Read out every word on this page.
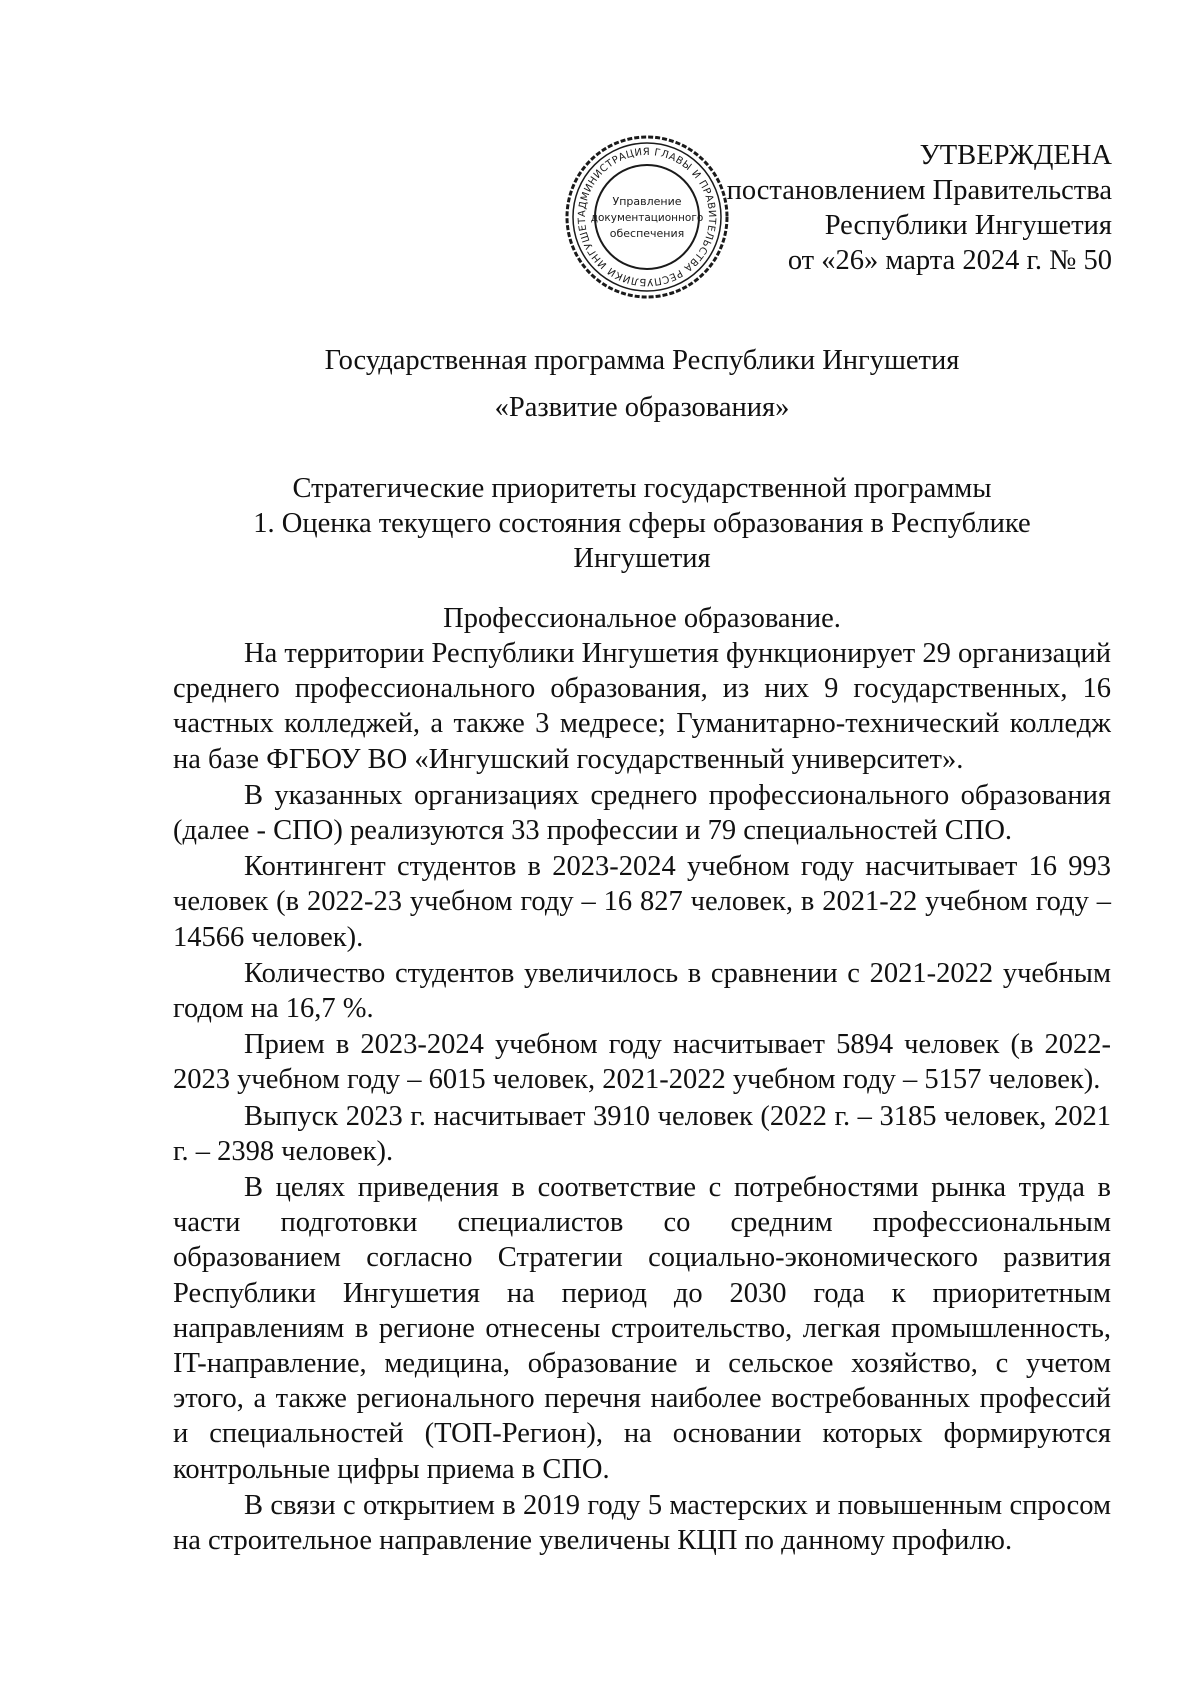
АДМИНИСТРАЦИЯ ГЛАВЫ И ПРАВИТЕЛЬСТВА РЕСПУБЛИКИ ИНГУШЕТ
Управление
документационного
обеспечения
УТВЕРЖДЕНА
постановлением Правительства
Республики Ингушетия
от «26» марта 2024 г. № 50
Государственная программа Республики Ингушетия
«Развитие образования»
Стратегические приоритеты государственной программы
1. Оценка текущего состояния сферы образования в Республике
Ингушетия
Профессиональное образование.

На территории Республики Ингушетия функционирует 29 организаций среднего профессионального образования, из них 9 государственных, 16 частных колледжей, а также 3 медресе; Гуманитарно-технический колледж на базе ФГБОУ ВО «Ингушский государственный университет».

В указанных организациях среднего профессионального образования (далее - СПО) реализуются 33 профессии и 79 специальностей СПО.

Контингент студентов в 2023-2024 учебном году насчитывает 16 993 человек (в 2022-23 учебном году – 16 827 человек, в 2021-22 учебном году – 14566 человек).

Количество студентов увеличилось в сравнении с 2021-2022 учебным годом на 16,7 %.

Прием в 2023-2024 учебном году насчитывает 5894 человек (в 2022-2023 учебном году – 6015 человек, 2021-2022 учебном году – 5157 человек).

Выпуск 2023 г. насчитывает 3910 человек (2022 г. – 3185 человек, 2021 г. – 2398 человек).

В целях приведения в соответствие с потребностями рынка труда в части подготовки специалистов со средним профессиональным образованием согласно Стратегии социально-экономического развития Республики Ингушетия на период до 2030 года к приоритетным направлениям в регионе отнесены строительство, легкая промышленность, IT-направление, медицина, образование и сельское хозяйство, с учетом этого, а также регионального перечня наиболее востребованных профессий и специальностей (ТОП-Регион), на основании которых формируются контрольные цифры приема в СПО.

В связи с открытием в 2019 году 5 мастерских и повышенным спросом на строительное направление увеличены КЦП по данному профилю.
